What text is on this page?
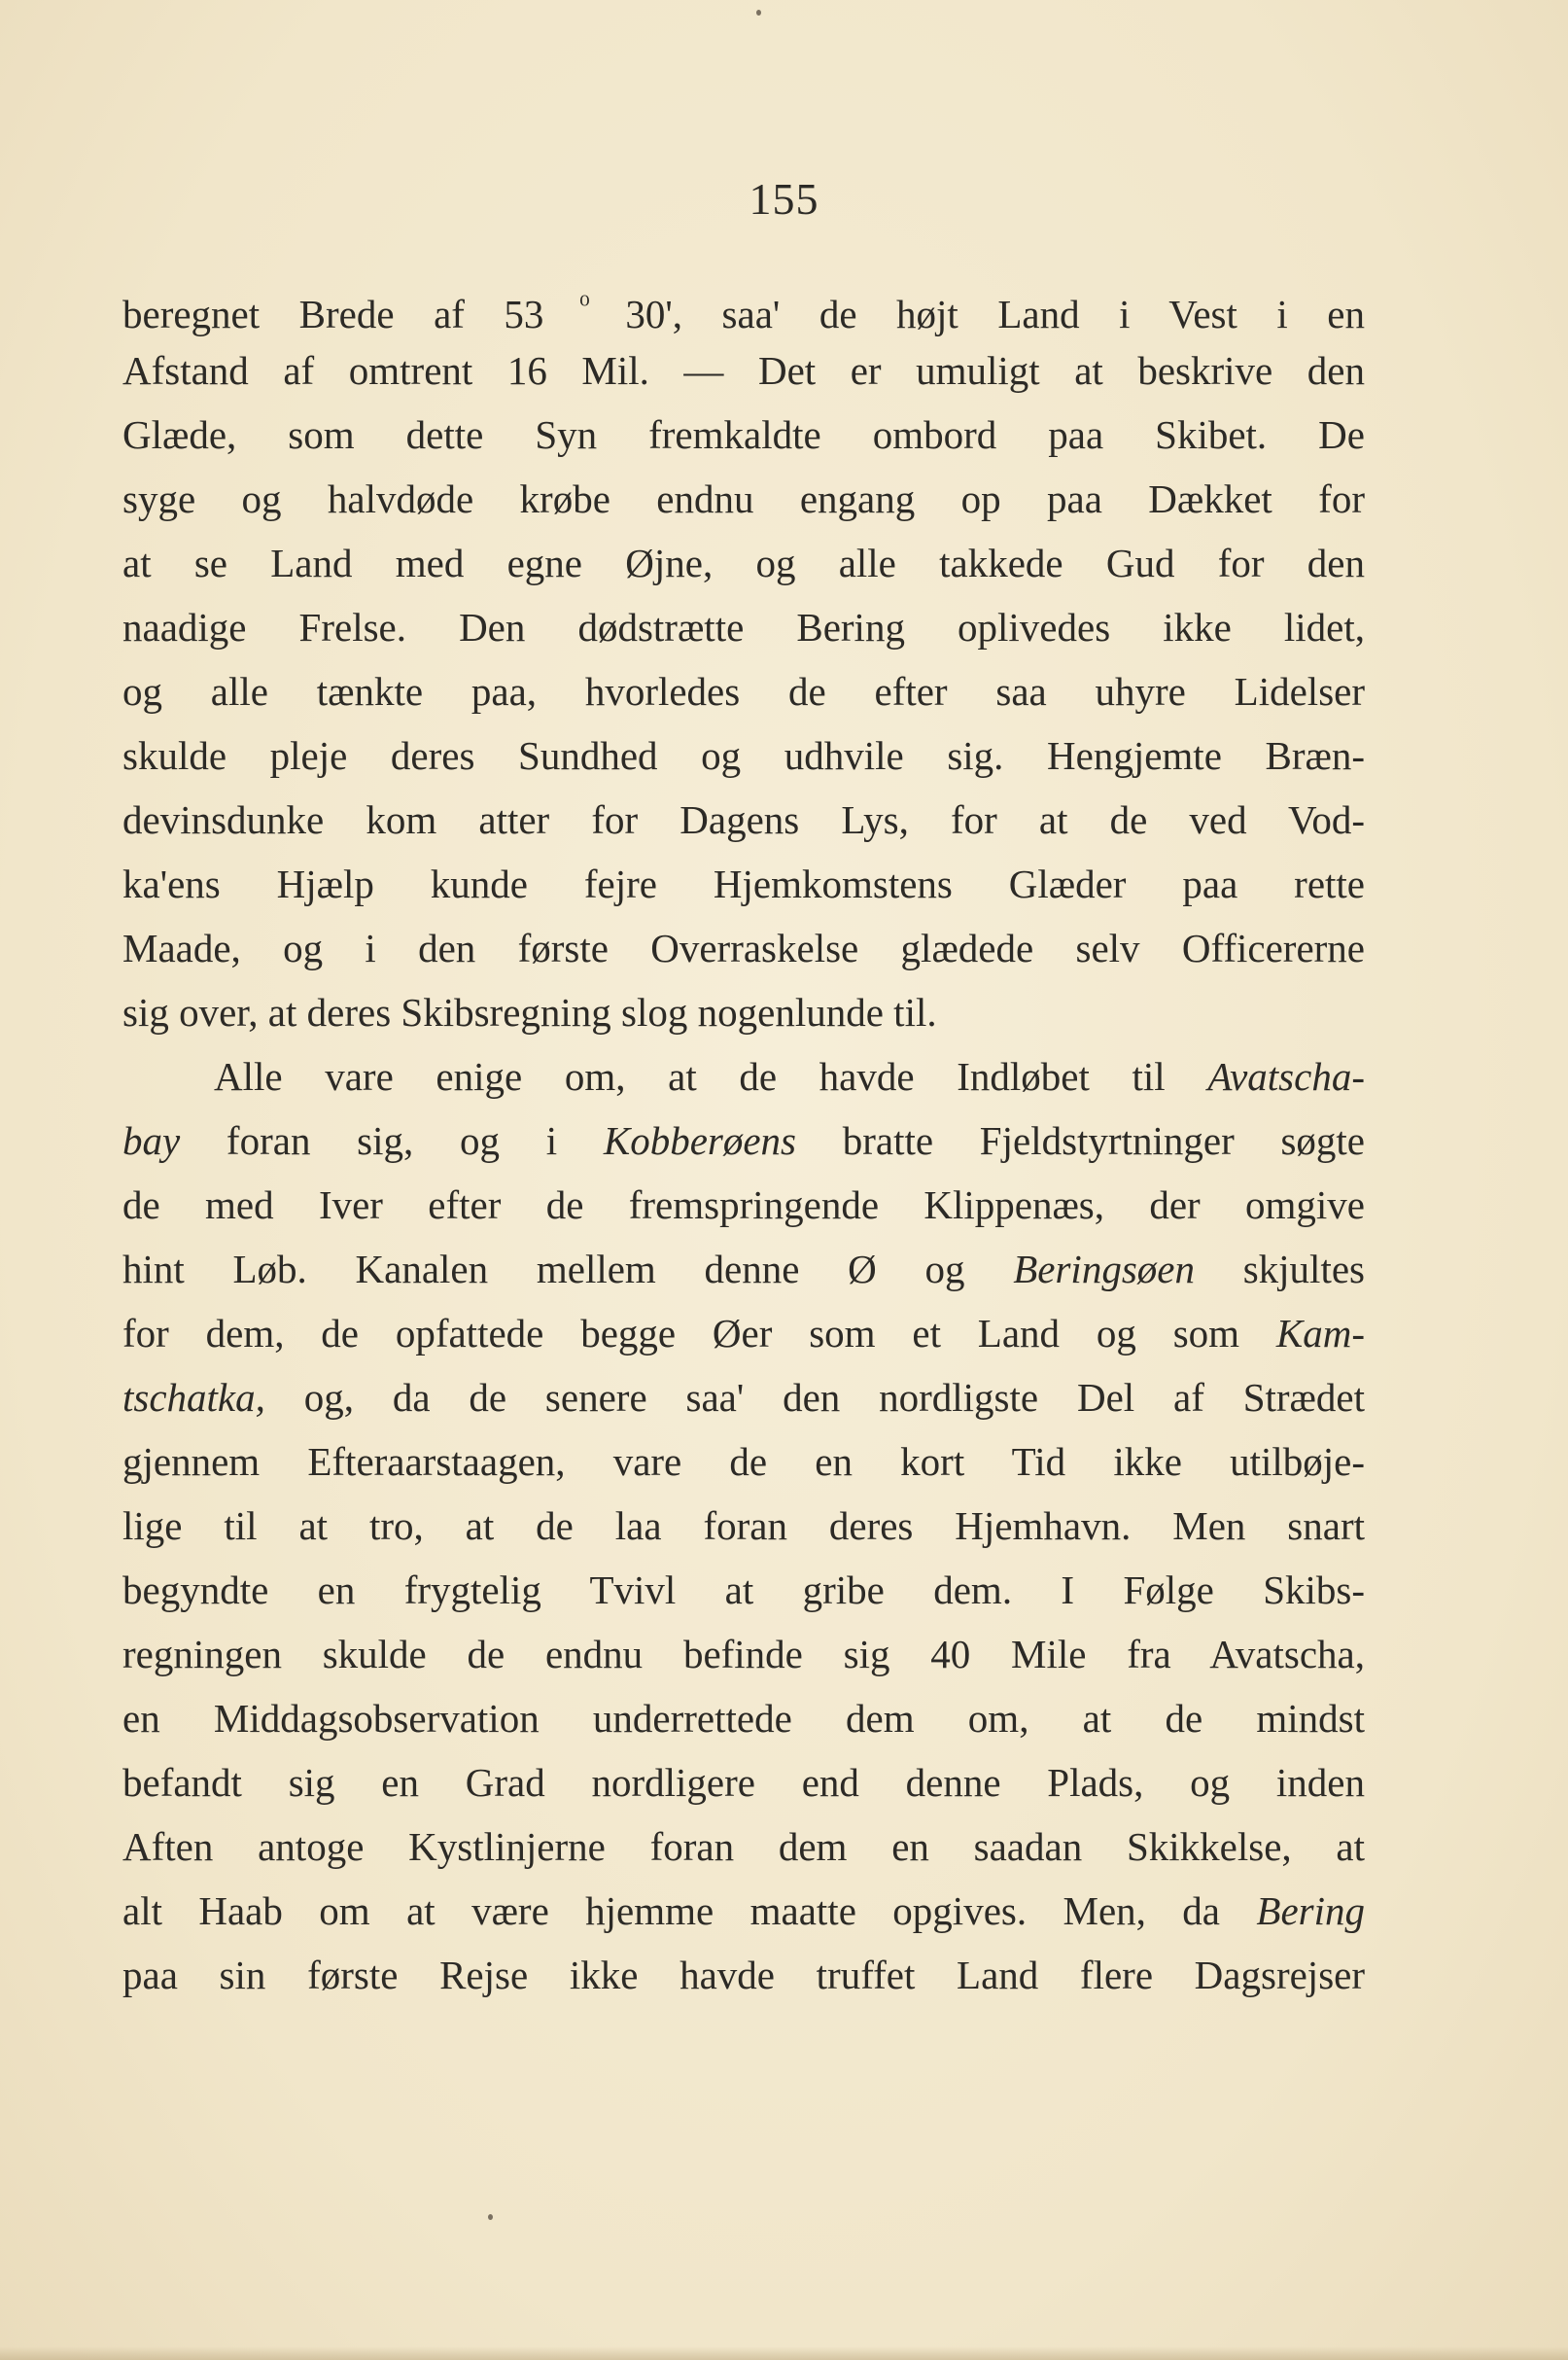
155
beregnet Brede af 53 $^{^0}$ 30', saa' de højt Land i Vest i en
Afstand af omtrent 16 Mil. — Det er umuligt at beskrive den
Glæde, som dette Syn fremkaldte ombord paa Skibet. De
syge og halvdøde krøbe endnu engang op paa Dækket for
at se Land med egne Øjne, og alle takkede Gud for den
naadige Frelse. Den dødstrætte Bering oplivedes ikke lidet,
og alle tænkte paa, hvorledes de efter saa uhyre Lidelser
skulde pleje deres Sundhed og udhvile sig. Hengjemte Bræn-
devinsdunke kom atter for Dagens Lys, for at de ved Vod-
ka'ens Hjælp kunde fejre Hjemkomstens Glæder paa rette
Maade, og i den første Overraskelse glædede selv Officererne
sig over, at deres Skibsregning slog nogenlunde til.
Alle vare enige om, at de havde Indløbet til Avatscha-
bay foran sig, og i Kobberøens bratte Fjeldstyrtninger søgte
de med Iver efter de fremspringende Klippenæs, der omgive
hint Løb. Kanalen mellem denne Ø og Beringsøen skjultes
for dem, de opfattede begge Øer som et Land og som Kam-
tschatka, og, da de senere saa' den nordligste Del af Strædet
gjennem Efteraarstaagen, vare de en kort Tid ikke utilbøje-
lige til at tro, at de laa foran deres Hjemhavn. Men snart
begyndte en frygtelig Tvivl at gribe dem. I Følge Skibs-
regningen skulde de endnu befinde sig 40 Mile fra Avatscha,
en Middagsobservation underrettede dem om, at de mindst
befandt sig en Grad nordligere end denne Plads, og inden
Aften antoge Kystlinjerne foran dem en saadan Skikkelse, at
alt Haab om at være hjemme maatte opgives. Men, da Bering
paa sin første Rejse ikke havde truffet Land flere Dagsrejser
